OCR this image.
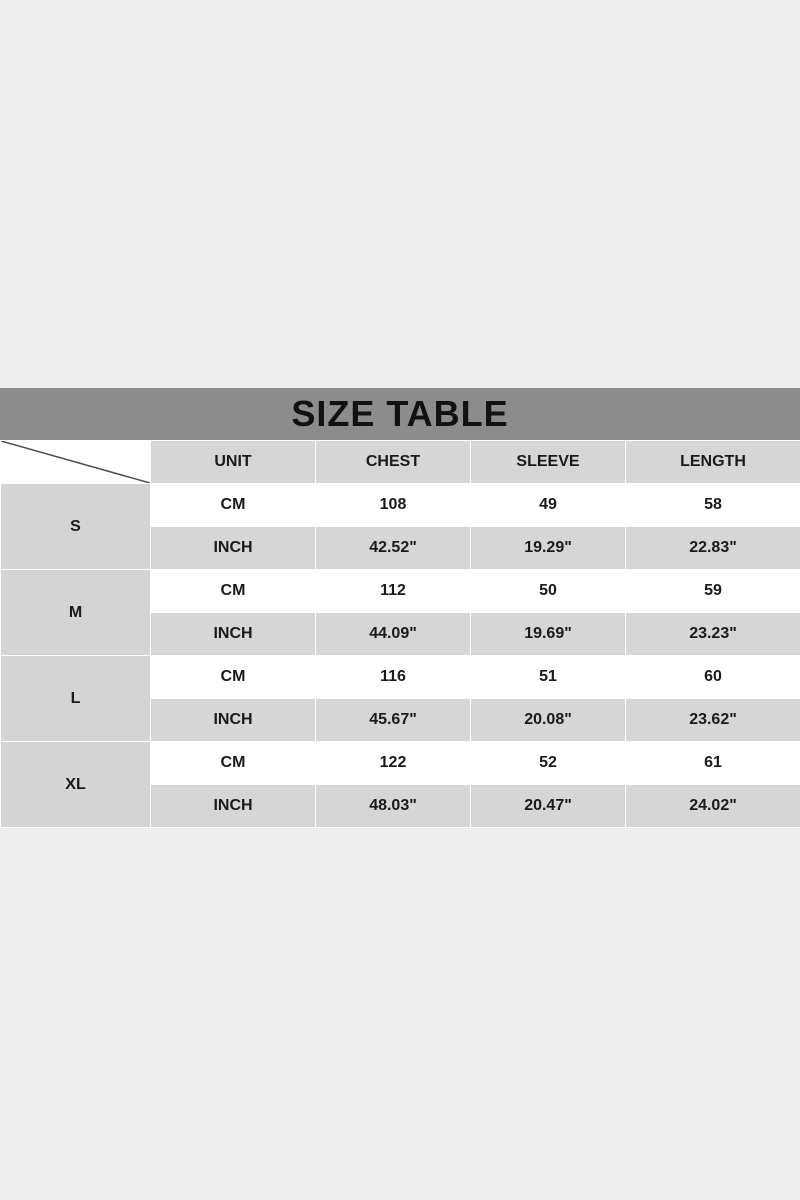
SIZE TABLE
	UNIT	CHEST	SLEEVE	LENGTH
S	CM	108	49	58
	INCH	42.52"	19.29"	22.83"
M	CM	112	50	59
	INCH	44.09"	19.69"	23.23"
L	CM	116	51	60
	INCH	45.67"	20.08"	23.62"
XL	CM	122	52	61
	INCH	48.03"	20.47"	24.02"
